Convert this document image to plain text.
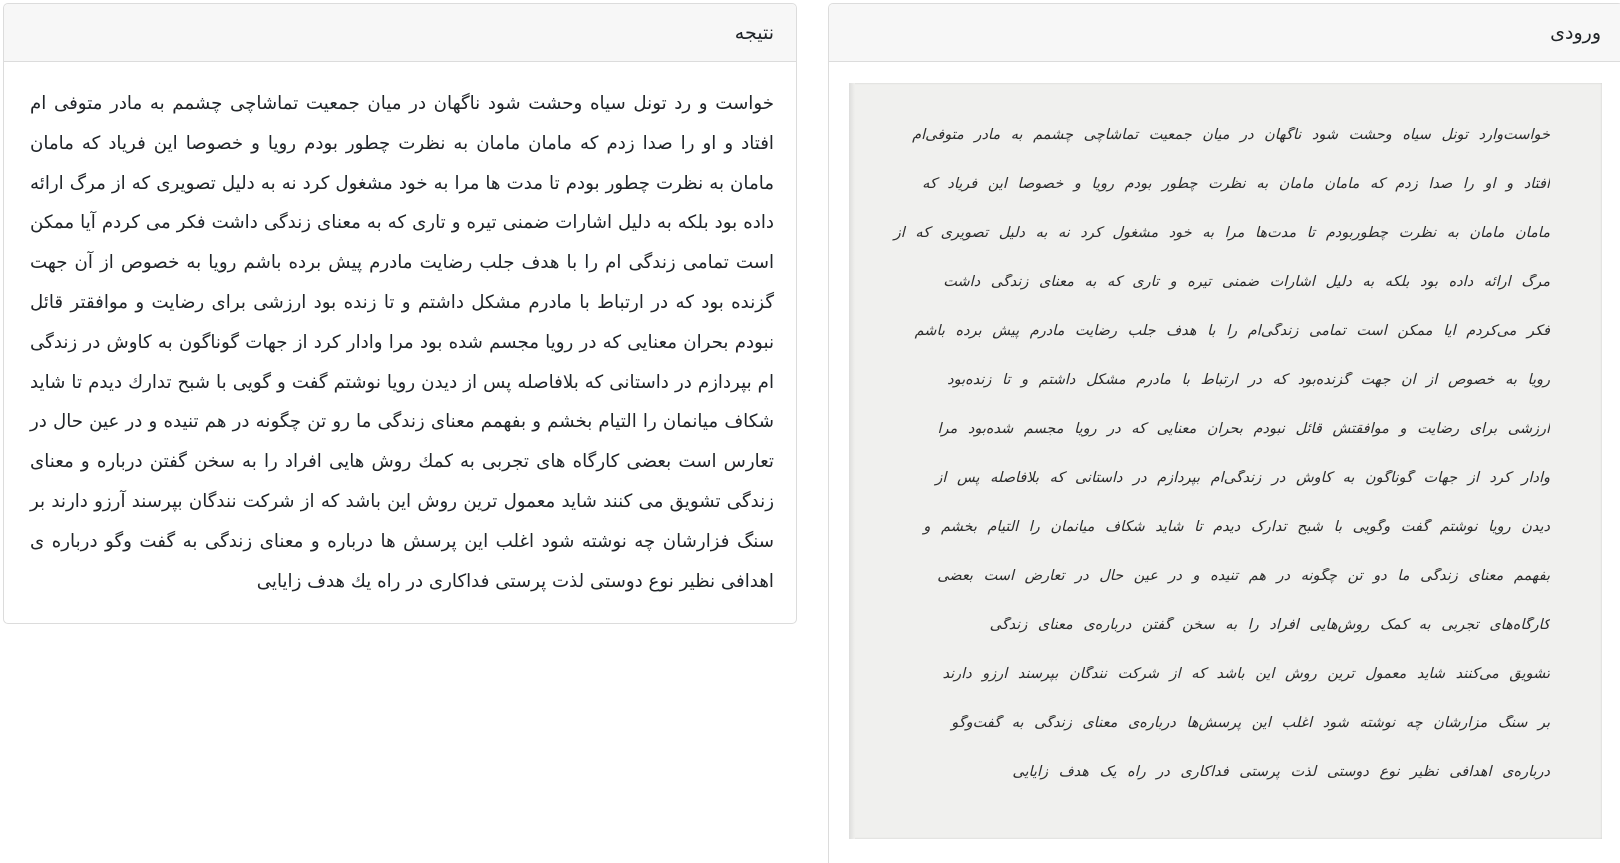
نتیجه

خواست و رد تونل سیاه وحشت شود ناگهان در میان جمعیت تماشاچی چشمم به مادر متوفی ام افتاد و او را صدا زدم که مامان مامان به نظرت چطور بودم رویا و خصوصا این فریاد که مامان مامان به نظرت چطور بودم تا مدت ها مرا به خود مشغول کرد نه به دلیل تصویری که از مرگ ارائه داده بود بلکه به دلیل اشارات ضمنی تیره و تاری که به معنای زندگی داشت فکر می کردم آیا ممکن است تمامی زندگی ام را با هدف جلب رضایت مادرم پیش برده باشم رویا به خصوص از آن جهت گزنده بود که در ارتباط با مادرم مشکل داشتم و تا زنده بود ارزشی برای رضایت و موافقتر قائل نبودم بحران معنایی که در رویا مجسم شده بود مرا وادار کرد از جهات گوناگون به کاوش در زندگی ام بپردازم در داستانی که بلافاصله پس از دیدن رویا نوشتم گفت و گویی با شبح تدارك دیدم تا شاید شكاف میانمان را التیام بخشم و بفهمم معنای زندگی ما رو تن چگونه در هم تنیده و در عین حال در تعارس است بعضی كارگاه های تجربی به كمك روش هایی افراد را به سخن گفتن درباره و معنای زندگی تشویق می كنند شاید معمول ترین روش این باشد كه از شركت نندگان بپرسند آرزو دارند بر سنگ فزارشان چه نوشته شود اغلب این پرسش ها درباره و معنای زندگی به گفت وگو درباره ی اهدافی نظیر نوع دوستی لذت پرستی فداكاری در راه یك هدف زایایی

ورودی
خواست‌وارد تونل سیاه وحشت شود ناگهان در میان جمعیت تماشاچی چشمم به مادر متوفی‌ام
افتاد و او را صدا زدم که مامان مامان به نظرت چطور بودم رویا و خصوصا این فریاد که
مامان مامان به نظرت چطوربودم تا مدت‌ها مرا به خود مشغول کرد نه به دلیل تصویری که از
مرگ ارائه داده بود بلکه به دلیل اشارات ضمنی تیره و تاری که به معنای زندگی داشت
فکر می‌کردم آیا ممکن است تمامی زندگی‌ام را با هدف جلب رضایت مادرم پیش برده باشم
رویا به خصوص از آن جهت گزنده‌بود که در ارتباط با مادرم مشکل داشتم و تا زنده‌بود
ارزشی برای رضایت و موافقتش قائل نبودم بحران معنایی که در رویا مجسم شده‌بود مرا
وادار کرد از جهات گوناگون به کاوش در زندگی‌ام بپردازم در داستانی که بلافاصله پس از
دیدن رویا نوشتم گفت وگویی با شبح تدارک دیدم تا شاید شکاف میانمان را التیام بخشم و
بفهمم معنای زندگی ما دو تن چگونه در هم تنیده و در عین حال در تعارض است بعضی
کارگاه‌های تجربی به کمک روش‌هایی افراد را به سخن گفتن درباره‌ی معنای زندگی
تشویق می‌کنند شاید معمول ترین روش این باشد که از شرکت نندگان بپرسند آرزو دارند
بر سنگ مزارشان چه نوشته شود اغلب این پرسش‌ها درباره‌ی معنای زندگی به گفت‌وگو
درباره‌ی اهدافی نظیر نوع دوستی لذت پرستی فداکاری در راه یک هدف زایایی
